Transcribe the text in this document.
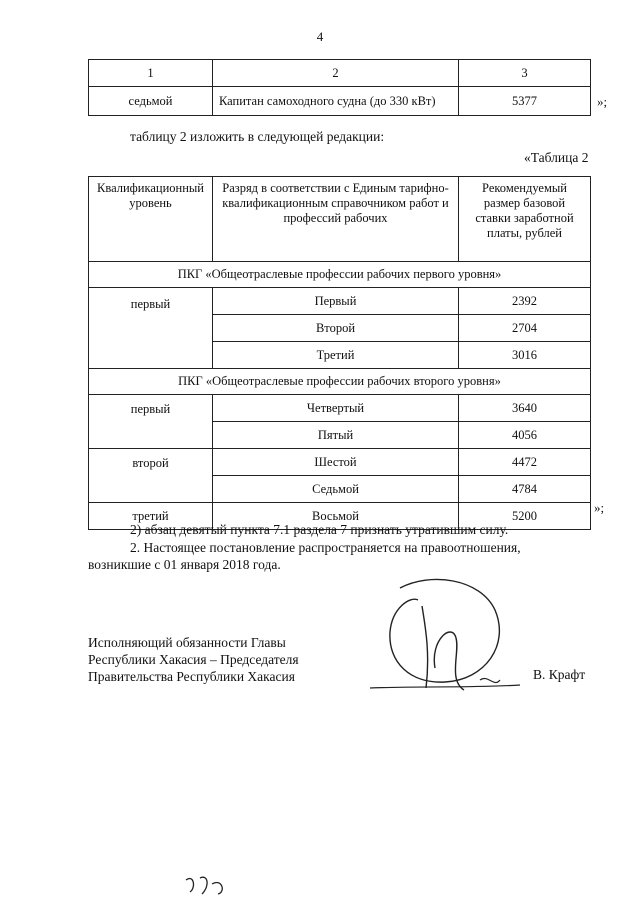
4
1	2	3
седьмой	Капитан самоходного судна (до 330 кВт)	5377	»;
таблицу 2 изложить в следующей редакции:
«Таблица 2
Квалификационный уровень	Разряд в соответствии с Единым тарифно-квалификационным справочником работ и профессий рабочих	Рекомендуемый размер базовой ставки заработной платы, рублей
ПКГ «Общеотраслевые профессии рабочих первого уровня»		
первый	Первый	2392
	Второй	2704
	Третий	3016
ПКГ «Общеотраслевые профессии рабочих второго уровня»		
первый	Четвертый	3640
	Пятый	4056
второй	Шестой	4472
	Седьмой	4784
третий	Восьмой	5200
»;
2) абзац девятый пункта 7.1 раздела 7 признать утратившим силу.
2. Настоящее постановление распространяется на правоотношения,
возникшие с 01 января 2018 года.
Исполняющий обязанности Главы
Республики Хакасия – Председателя
Правительства Республики Хакасия	В. Крафт
